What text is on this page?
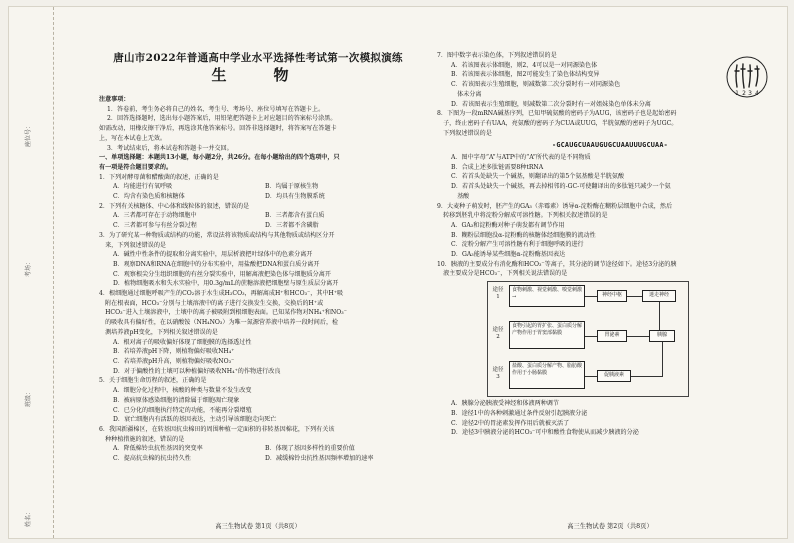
姓名：
班级：
考场：
座位号：
唐山市2022年普通高中学业水平选择性考试第一次模拟演练
生　物

注意事项：

1．答卷前，考生务必将自己的姓名、考生号、考场号、座位号填写在答题卡上。

2．回答选择题时，选出每小题答案后，用铅笔把答题卡上对应题目的答案标号涂黑。

如需改动，用橡皮擦干净后，再选涂其他答案标号。回答非选择题时，将答案写在答题卡

上，写在本试卷上无效。

3．考试结束后，将本试卷和答题卡一并交回。

一、单项选择题：本题共13小题，每小题2分，共26分。在每小题给出的四个选项中，只

有一项是符合题目要求的。

1．下列对酵母菌和醋酸菌的叙述，正确的是

A．均能进行有氧呼吸	B．均属于原核生物
C．均含有染色质和核糖体	D．均具有生物膜系统

2．下列有关核糖体、中心体和线粒体的叙述，错误的是

A．三者都可存在于动物细胞中	B．三者都含有蛋白质
C．三者都可参与有丝分裂过程	D．三者都不含磷脂

3．为了研究某一种物质或结构的功能，常设法将该物质或结构与其他物质或结构区分开

　来，下列叙述错误的是

A．碱性中性条件的提取和分离实验中，用层析液把叶绿体中的色素分离开

B．观察DNA和RNA在细胞中的分布实验中，用盐酸把DNA和蛋白质分离开

C．观察根尖分生组织细胞的有丝分裂实验中，用解离液把染色体与细胞质分离开

D．植物细胞吸水和失水实验中，用0.3g/mL的蔗糖溶液把细胞壁与原生质层分离开

4．根细胞通过细胞呼吸产生的CO₂溶于水生成H₂CO₃，再解离成H⁺和HCO₃⁻，其中H⁺吸

　附在根表面，HCO₃⁻分别与土壤溶液中的离子进行交换发生交换，交换后的H⁺或

　HCO₃⁻进入土壤溶液中，土壤中的离子被吸附到根细胞表面。已知某作物对NH₄⁺和NO₃⁻

　的吸收具有偏好性，在以硝酸铵（NH₄NO₃）为唯一氮源营养液中培养一段时间后，检

　测培养液pH变化，下列相关叙述错误的是

A．根对离子的吸收偏好体现了细胞膜的选择透过性

B．若培养液pH下降，则植物偏好吸收NH₄⁺

C．若培养液pH升高，则植物偏好吸收NO₃⁻

D．对于偏酸性的土壤可以种植偏好吸收NH₄⁺的作物进行改良

5．关于细胞生命历程的叙述，正确的是

A．细胞分化过程中，核酸的种类与数量不发生改变

B．被病原体感染细胞的清除属于细胞凋亡现象

C．已分化的细胞执行特定的功能，不能再分裂增殖

D．衰亡细胞内有活跃的基因表达，主动引导该细胞走向死亡

6．我国新疆棉区，在转基因抗虫棉田的周围种植一定面积的非转基因棉花，下列有关该

　种种植措施的叙述，错误的是

A．降低棉铃虫抗性基因的突变率	B．体现了基因多样性的重要价值
C．提高抗虫棉的抗虫持久性	D．减缓棉铃虫抗性基因频率增加的速率
高三生物试卷 第1页（共8页）
1 2 3 4

7．图中数字表示染色体，下列叙述错误的是

A．若该图表示体细胞，则2、4可以是一对同源染色体

B．若该图表示体细胞，图2可能发生了染色体结构变异

C．若该图表示生殖细胞，则减数第二次分裂时有一对同源染色

　体未分离

D．若该图表示生殖细胞，则减数第二次分裂时有一对姐妹染色单体未分离

8．下图为一段mRNA碱基序列，已知甲硫氨酸的密码子为AUG，该密码子也是起始密码

　子，终止密码子有UAA，亮氨酸的密码子为CUA或UUG，半胱氨酸的密码子为UGC。

　下列叙述错误的是

-GCAUGCUAAUGUGCUAAUUUGCUAA-

A．图中字母“A”与ATP中的“A”所代表的是不同物质

B．合成上述多肽链需要8种tRNA

C．若首头处缺失一个碱基，则翻译出的第5个氨基酸是半胱氨酸

D．若首头处缺失一个碱基，再去掉相邻的-GC-可使翻译出的多肽链只减少一个氨

　基酸

9．大麦种子萌发时，胚产生的GA₃（赤霉素）诱导α-淀粉酶在糊粉层细胞中合成，然后

　转移到胚乳中将淀粉分解成可溶性糖。下列相关叙述错误的是

A．GA₃和淀粉酶对种子萌发都有调节作用

B．糊粉层细胞没α-淀粉酶的核糖体经细胞膜的流动性

C．淀粉分解产生可溶性糖有利于细胞呼吸的进行

D．GA₃能诱导某些细胞α-淀粉酶基因表达

10．胰液的主要成分有消化酶和HCO₃⁻等离子，其分泌的调节途径如下。途径3分泌的胰

　液主要成分是HCO₃⁻，下列相关说法错误的是

途径1
途径2
途径3
食物刺激、视觉刺激、嗅觉刺激→
食物引起的胃扩张、蛋白质分解产物作用于胃窦部黏膜
盐酸、蛋白质分解产物、脂肪酸作用于小肠黏膜
神经中枢	迷走神经
胃泌素
促胰液素
胰腺

A．胰腺分泌胰液受神经和体液两种调节

B．途径1中的各种刺激通过条件反射引起胰液分泌

C．途径2中的胃泌素发挥作用后就被灭活了

D．途径3中胰液分泌的HCO₃⁻可中和酸性食物使从而减少胰液的分泌

高三生物试卷 第2页（共8页）
